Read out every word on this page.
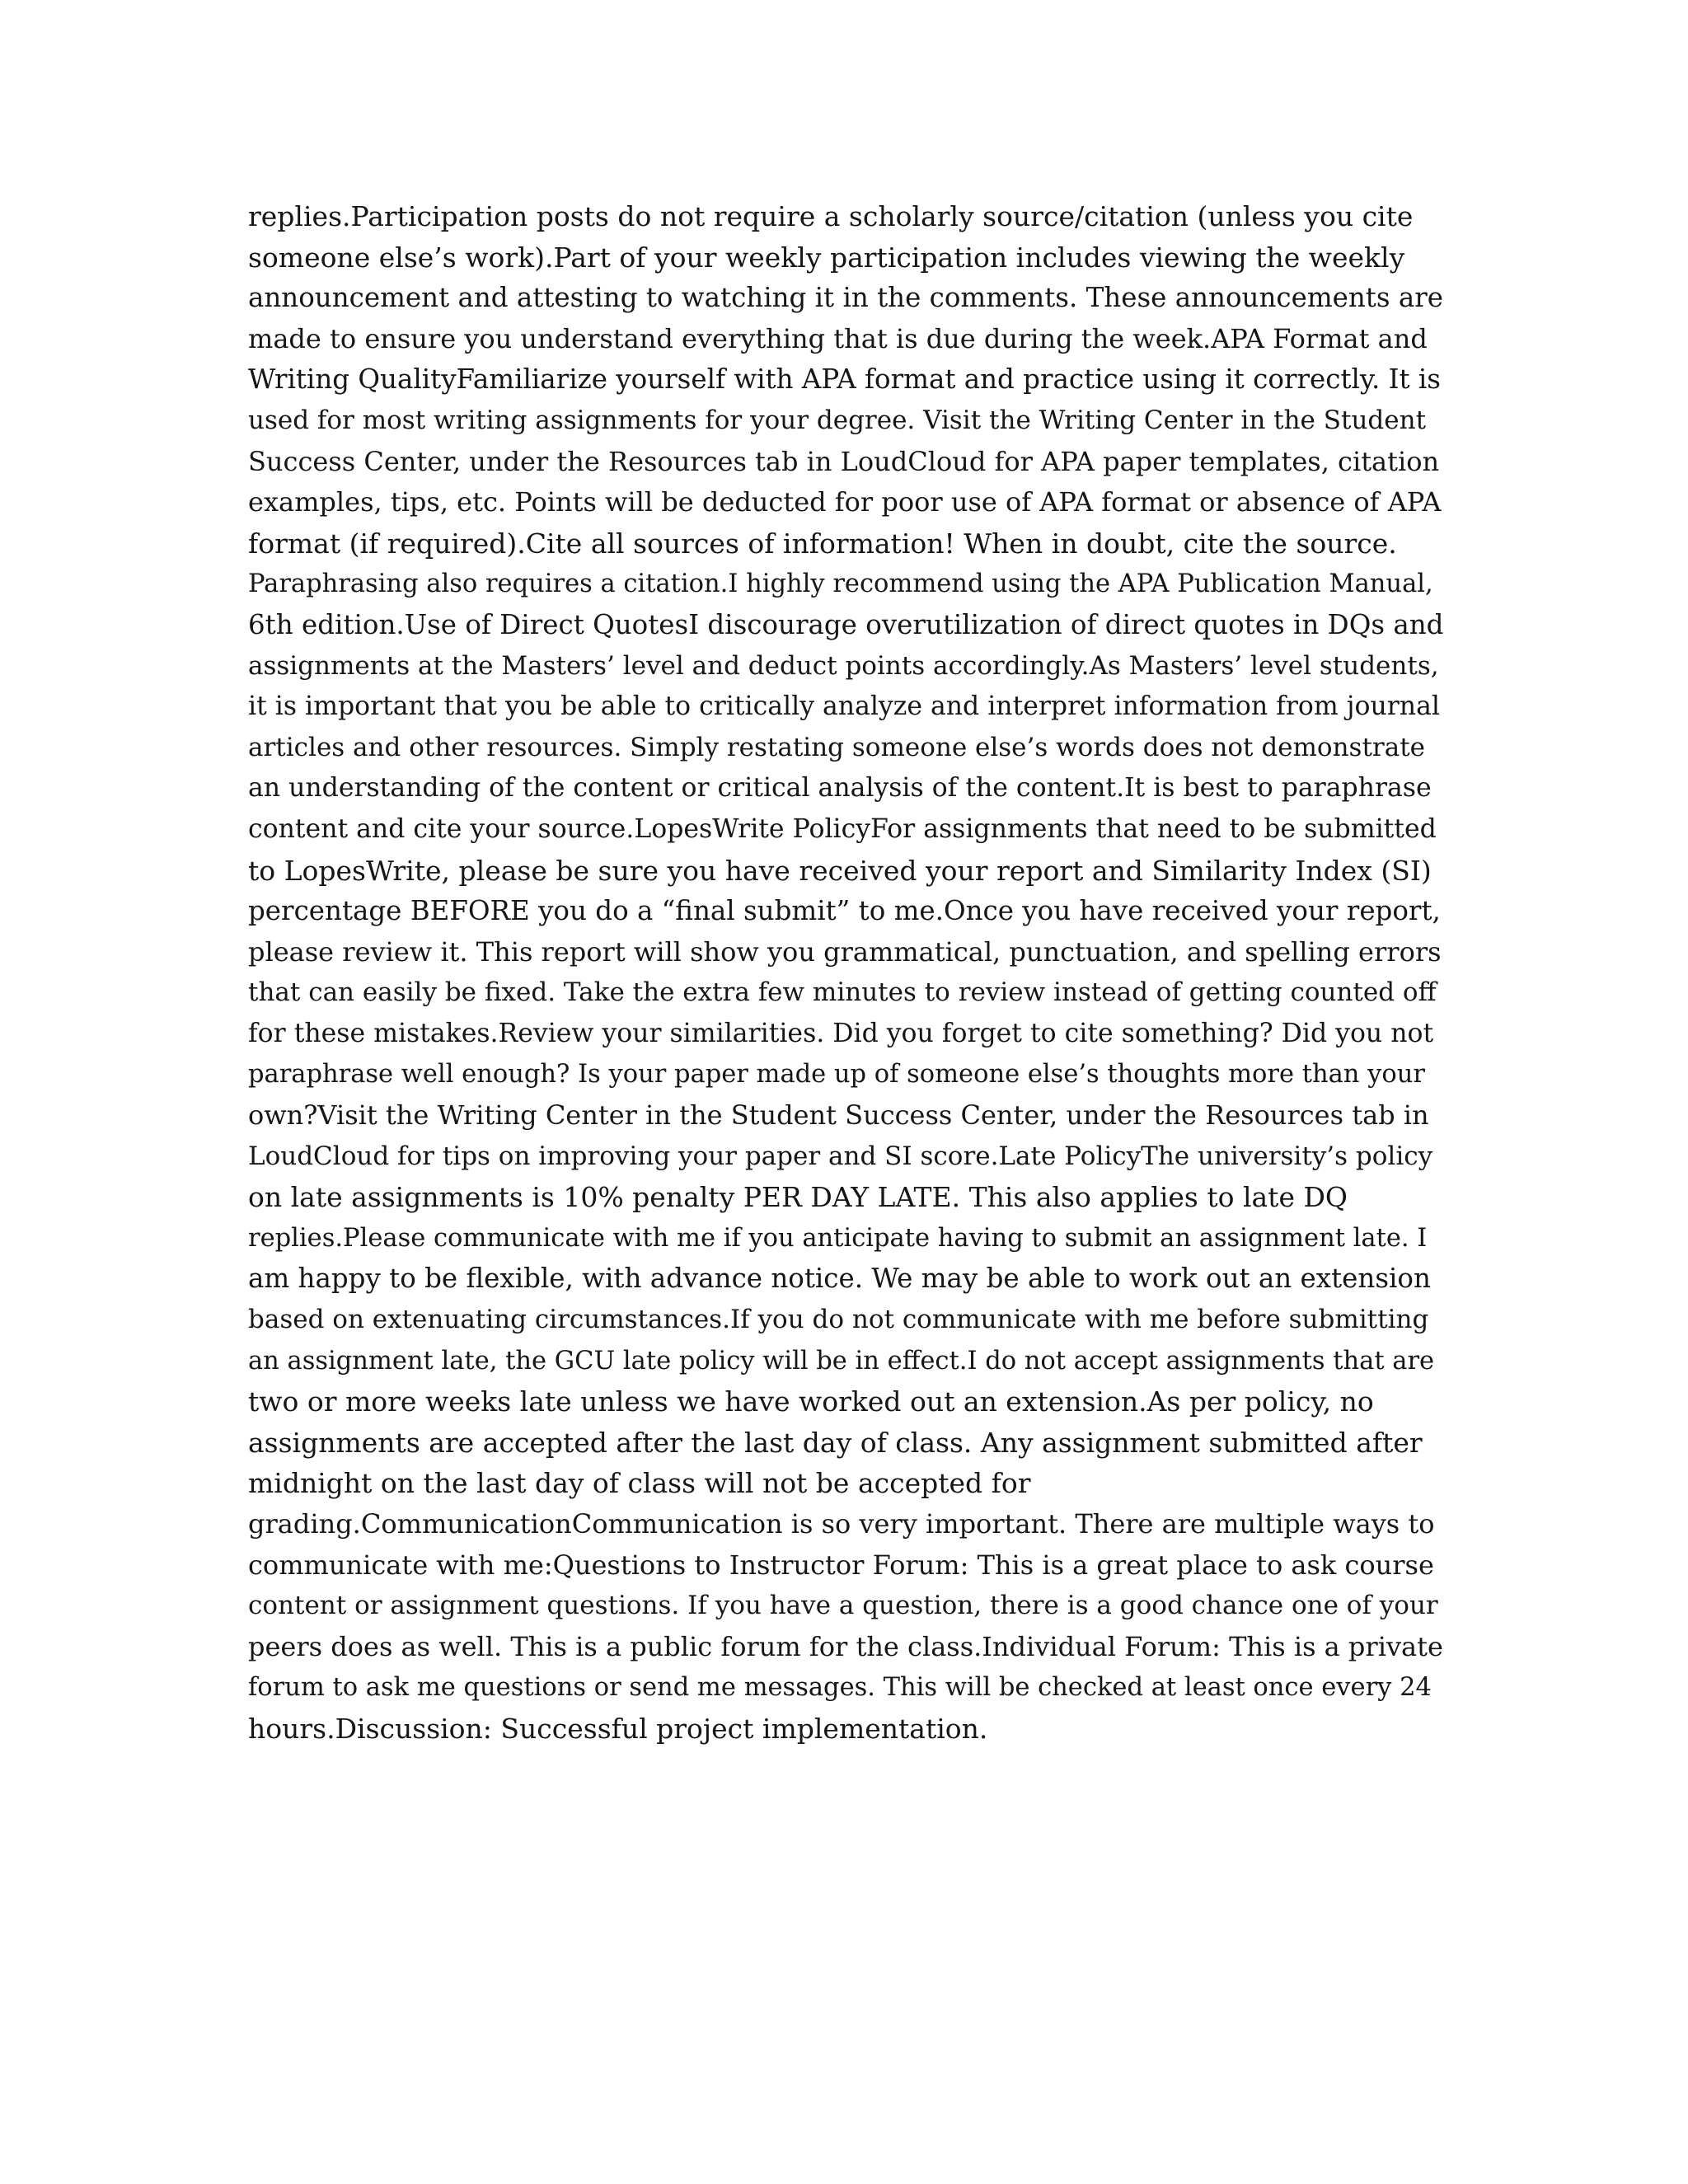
replies.Participation posts do not require a scholarly source/citation (unless you cite
someone else’s work).Part of your weekly participation includes viewing the weekly
announcement and attesting to watching it in the comments. These announcements are
made to ensure you understand everything that is due during the week.APA Format and
Writing QualityFamiliarize yourself with APA format and practice using it correctly. It is
used for most writing assignments for your degree. Visit the Writing Center in the Student
Success Center, under the Resources tab in LoudCloud for APA paper templates, citation
examples, tips, etc. Points will be deducted for poor use of APA format or absence of APA
format (if required).Cite all sources of information! When in doubt, cite the source.
Paraphrasing also requires a citation.I highly recommend using the APA Publication Manual,
6th edition.Use of Direct QuotesI discourage overutilization of direct quotes in DQs and
assignments at the Masters’ level and deduct points accordingly.As Masters’ level students,
it is important that you be able to critically analyze and interpret information from journal
articles and other resources. Simply restating someone else’s words does not demonstrate
an understanding of the content or critical analysis of the content.It is best to paraphrase
content and cite your source.LopesWrite PolicyFor assignments that need to be submitted
to LopesWrite, please be sure you have received your report and Similarity Index (SI)
percentage BEFORE you do a “final submit” to me.Once you have received your report,
please review it. This report will show you grammatical, punctuation, and spelling errors
that can easily be fixed. Take the extra few minutes to review instead of getting counted off
for these mistakes.Review your similarities. Did you forget to cite something? Did you not
paraphrase well enough? Is your paper made up of someone else’s thoughts more than your
own?Visit the Writing Center in the Student Success Center, under the Resources tab in
LoudCloud for tips on improving your paper and SI score.Late PolicyThe university’s policy
on late assignments is 10% penalty PER DAY LATE. This also applies to late DQ
replies.Please communicate with me if you anticipate having to submit an assignment late. I
am happy to be flexible, with advance notice. We may be able to work out an extension
based on extenuating circumstances.If you do not communicate with me before submitting
an assignment late, the GCU late policy will be in effect.I do not accept assignments that are
two or more weeks late unless we have worked out an extension.As per policy, no
assignments are accepted after the last day of class. Any assignment submitted after
midnight on the last day of class will not be accepted for
grading.CommunicationCommunication is so very important. There are multiple ways to
communicate with me:Questions to Instructor Forum: This is a great place to ask course
content or assignment questions. If you have a question, there is a good chance one of your
peers does as well. This is a public forum for the class.Individual Forum: This is a private
forum to ask me questions or send me messages. This will be checked at least once every 24
hours.Discussion: Successful project implementation.
